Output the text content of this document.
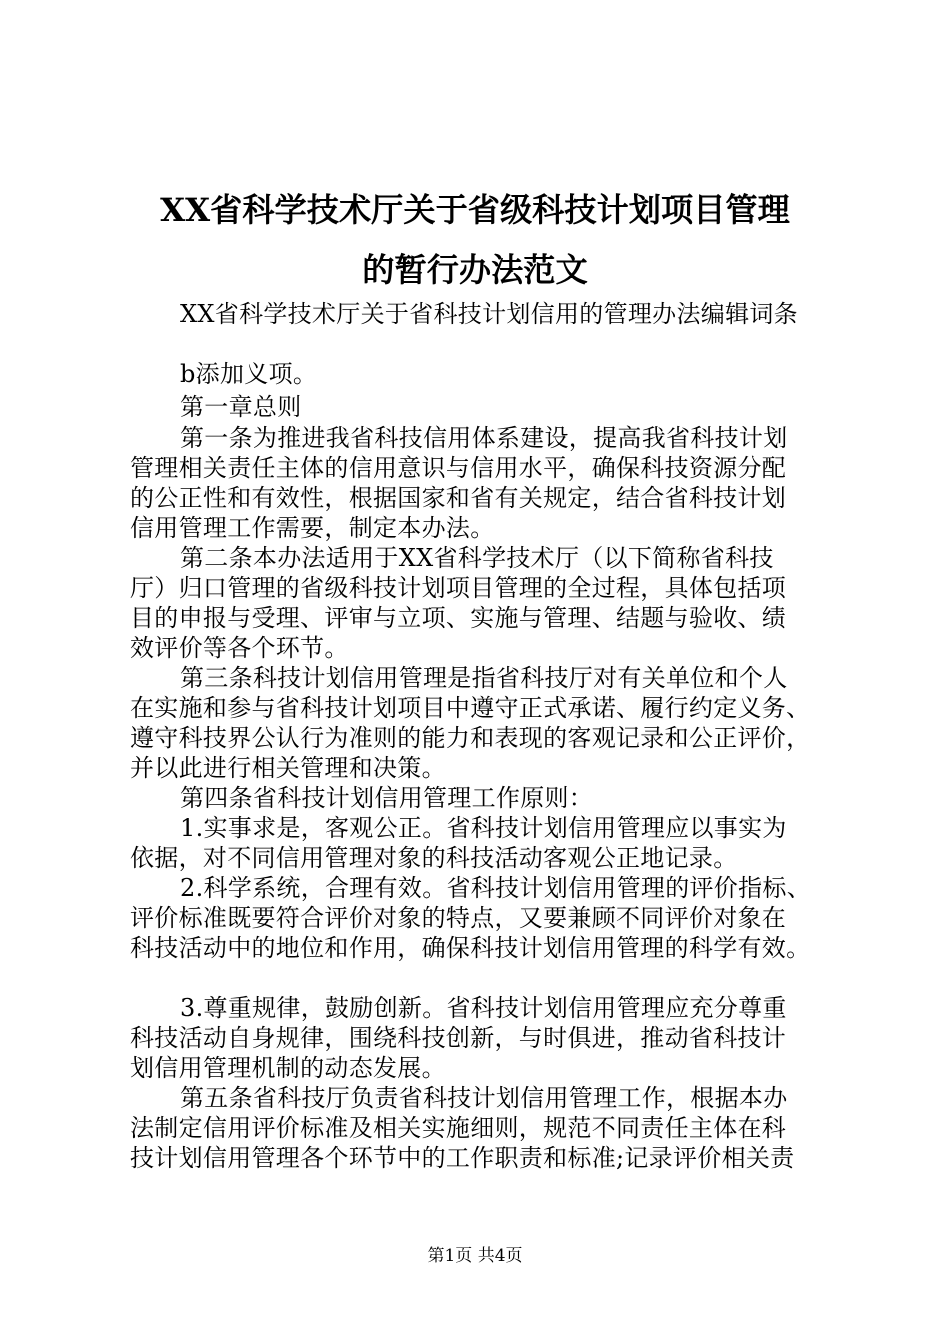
XX省科学技术厅关于省级科技计划项目管理
的暂行办法范文
XX省科学技术厅关于省科技计划信用的管理办法编辑词条
b添加义项。
第一章总则
第一条为推进我省科技信用体系建设，提高我省科技计划
管理相关责任主体的信用意识与信用水平，确保科技资源分配
的公正性和有效性，根据国家和省有关规定，结合省科技计划
信用管理工作需要，制定本办法。
第二条本办法适用于XX省科学技术厅（以下简称省科技
厅）归口管理的省级科技计划项目管理的全过程，具体包括项
目的申报与受理、评审与立项、实施与管理、结题与验收、绩
效评价等各个环节。
第三条科技计划信用管理是指省科技厅对有关单位和个人
在实施和参与省科技计划项目中遵守正式承诺、履行约定义务、
遵守科技界公认行为准则的能力和表现的客观记录和公正评价，
并以此进行相关管理和决策。
第四条省科技计划信用管理工作原则：
1.实事求是，客观公正。省科技计划信用管理应以事实为
依据，对不同信用管理对象的科技活动客观公正地记录。
2.科学系统，合理有效。省科技计划信用管理的评价指标、
评价标准既要符合评价对象的特点，又要兼顾不同评价对象在
科技活动中的地位和作用，确保科技计划信用管理的科学有效。
3.尊重规律，鼓励创新。省科技计划信用管理应充分尊重
科技活动自身规律，围绕科技创新，与时俱进，推动省科技计
划信用管理机制的动态发展。
第五条省科技厅负责省科技计划信用管理工作，根据本办
法制定信用评价标准及相关实施细则，规范不同责任主体在科
技计划信用管理各个环节中的工作职责和标准;记录评价相关责
第1页 共4页
